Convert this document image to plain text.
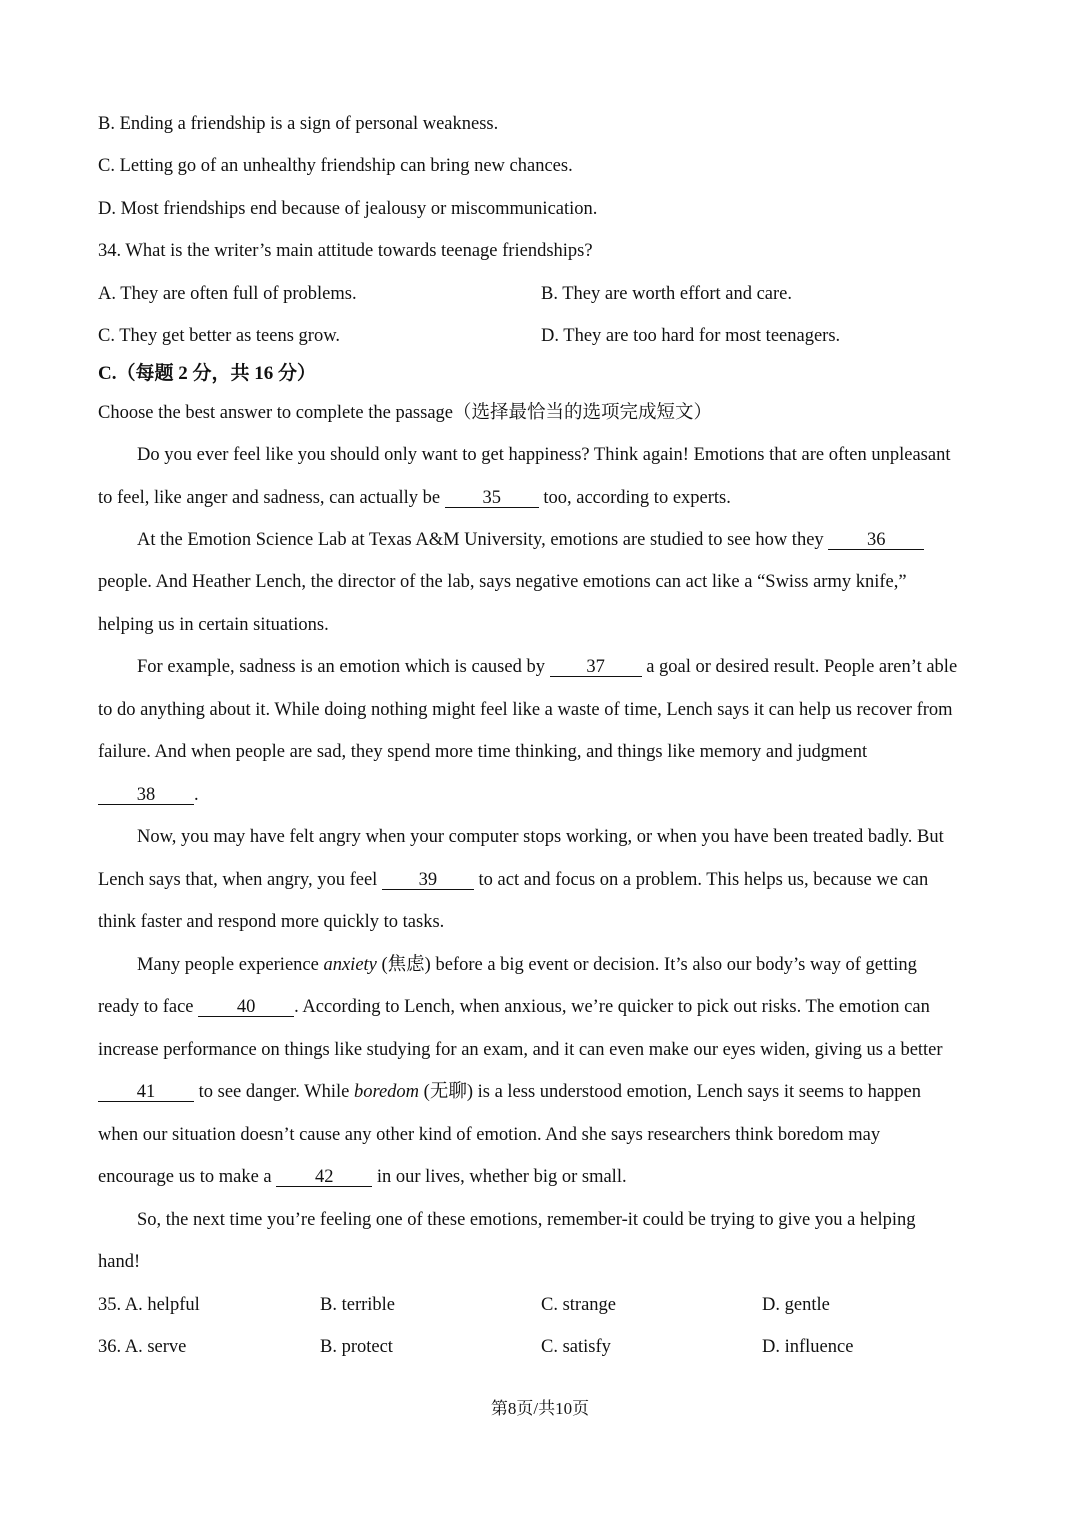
B. Ending a friendship is a sign of personal weakness.
C. Letting go of an unhealthy friendship can bring new chances.
D. Most friendships end because of jealousy or miscommunication.
34. What is the writer’s main attitude towards teenage friendships?
A. They are often full of problems.	B. They are worth effort and care.
C. They get better as teens grow.	D. They are too hard for most teenagers.
C.（每题 2 分，共 16 分）
Choose the best answer to complete the passage（选择最恰当的选项完成短文）
Do you ever feel like you should only want to get happiness? Think again! Emotions that are often unpleasant
to feel, like anger and sadness, can actually be 35 too, according to experts.
At the Emotion Science Lab at Texas A&M University, emotions are studied to see how they 36
people. And Heather Lench, the director of the lab, says negative emotions can act like a “Swiss army knife,”
helping us in certain situations.
For example, sadness is an emotion which is caused by 37 a goal or desired result. People aren’t able
to do anything about it. While doing nothing might feel like a waste of time, Lench says it can help us recover from
failure. And when people are sad, they spend more time thinking, and things like memory and judgment
38 .
Now, you may have felt angry when your computer stops working, or when you have been treated badly. But
Lench says that, when angry, you feel 39 to act and focus on a problem. This helps us, because we can
think faster and respond more quickly to tasks.
Many people experience anxiety (焦虑) before a big event or decision. It’s also our body’s way of getting
ready to face 40 . According to Lench, when anxious, we’re quicker to pick out risks. The emotion can
increase performance on things like studying for an exam, and it can even make our eyes widen, giving us a better
41 to see danger. While boredom (无聊) is a less understood emotion, Lench says it seems to happen
when our situation doesn’t cause any other kind of emotion. And she says researchers think boredom may
encourage us to make a 42 in our lives, whether big or small.
So, the next time you’re feeling one of these emotions, remember-it could be trying to give you a helping
hand!
35. A. helpful	B. terrible	C. strange	D. gentle
36. A. serve	B. protect	C. satisfy	D. influence
第8页/共10页
